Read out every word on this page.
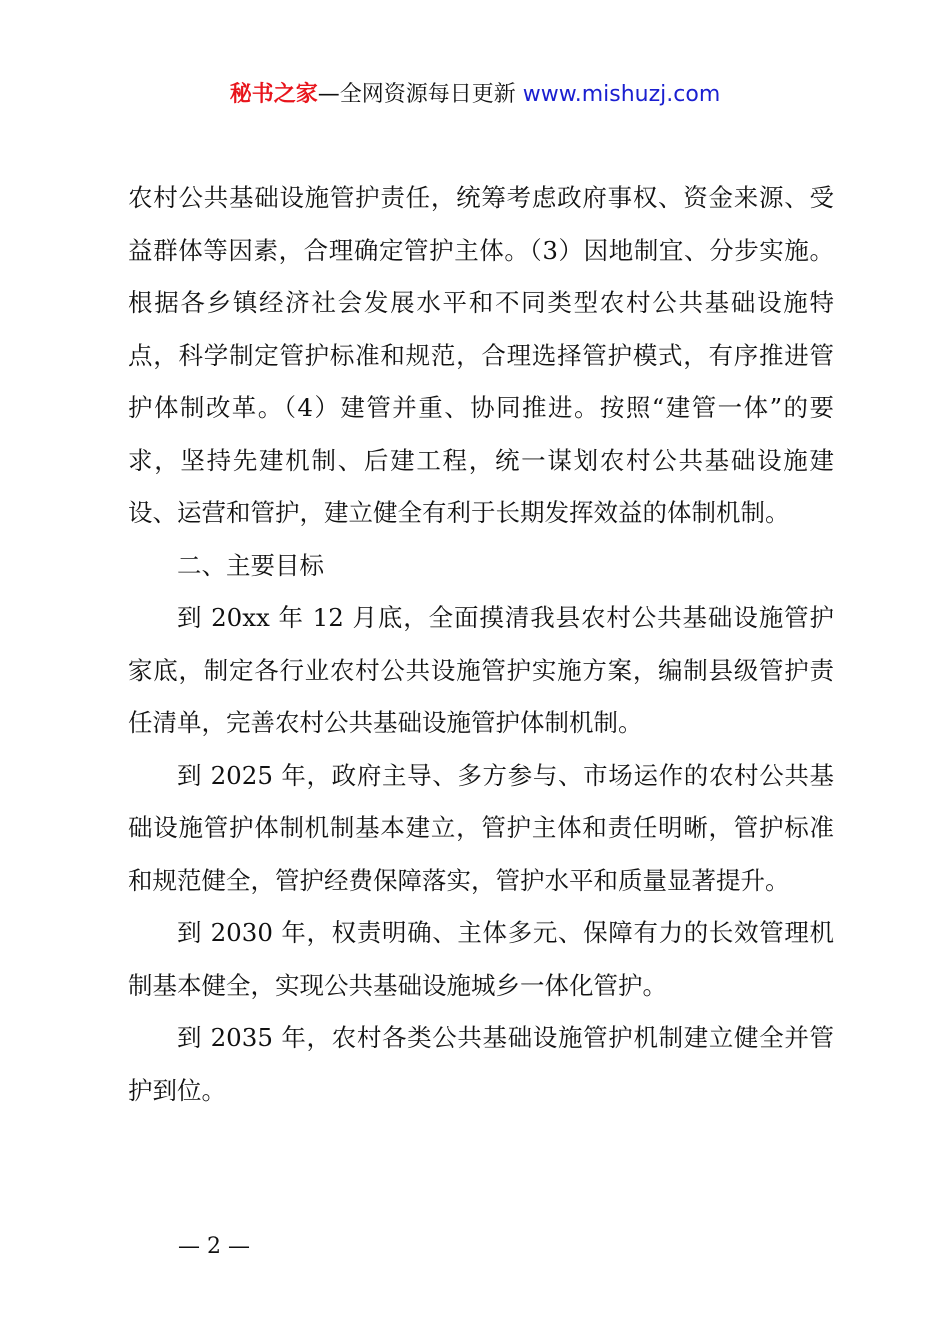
秘书之家—全网资源每日更新 www.mishuzj.com

农村公共基础设施管护责任，统筹考虑政府事权、资金来源、受益群体等因素，合理确定管护主体。（3）因地制宜、分步实施。根据各乡镇经济社会发展水平和不同类型农村公共基础设施特点，科学制定管护标准和规范，合理选择管护模式，有序推进管护体制改革。（4）建管并重、协同推进。按照“建管一体”的要求，坚持先建机制、后建工程，统一谋划农村公共基础设施建设、运营和管护，建立健全有利于长期发挥效益的体制机制。

二、主要目标

到 20xx 年 12 月底，全面摸清我县农村公共基础设施管护家底，制定各行业农村公共设施管护实施方案，编制县级管护责任清单，完善农村公共基础设施管护体制机制。

到 2025 年，政府主导、多方参与、市场运作的农村公共基础设施管护体制机制基本建立，管护主体和责任明晰，管护标准和规范健全，管护经费保障落实，管护水平和质量显著提升。

到 2030 年，权责明确、主体多元、保障有力的长效管理机制基本健全，实现公共基础设施城乡一体化管护。

到 2035 年，农村各类公共基础设施管护机制建立健全并管护到位。

— 2 —
